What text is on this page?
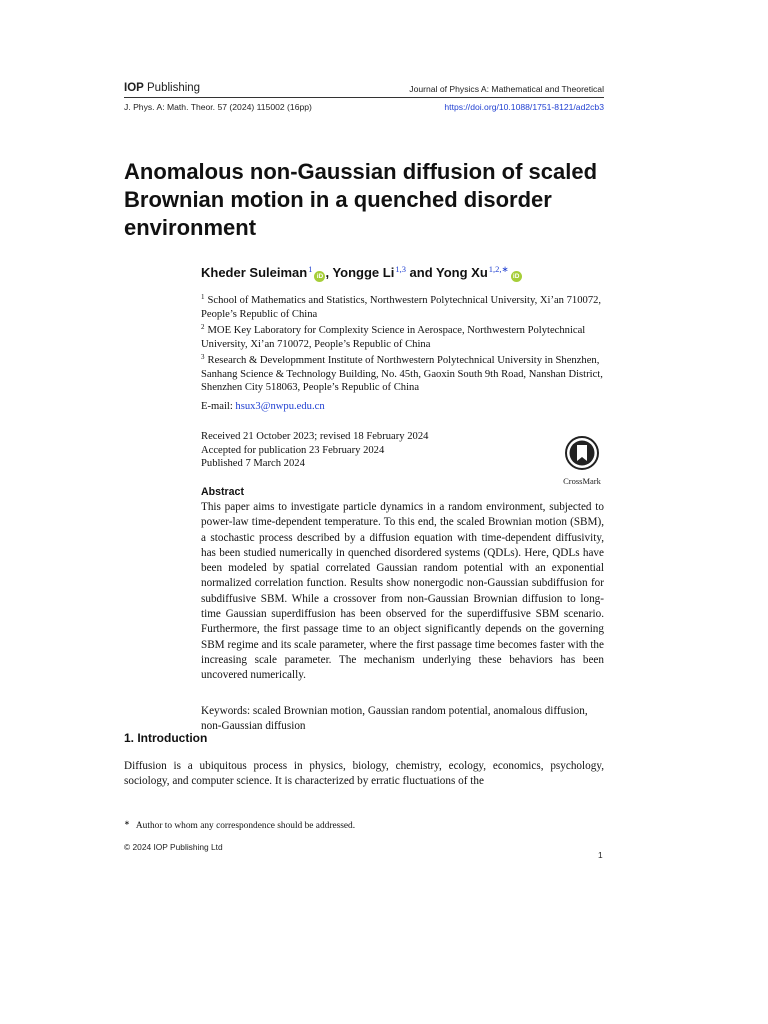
IOP Publishing	Journal of Physics A: Mathematical and Theoretical
J. Phys. A: Math. Theor. 57 (2024) 115002 (16pp)	https://doi.org/10.1088/1751-8121/ad2cb3
Anomalous non-Gaussian diffusion of scaled Brownian motion in a quenched disorder environment
Kheder Suleiman$^1$iD , Yongge Li$^{1,3}$ and Yong $Xu^{1,2,∗}iD$
$^1$ School of Mathematics and Statistics, Northwestern Polytechnical University, Xi’an 710072, People’s Republic of China
$^2$ MOE Key Laboratory for Complexity Science in Aerospace, Northwestern Polytechnical University, Xi’an 710072, People’s Republic of China
$^3$ Research & Developmment Institute of Northwestern Polytechnical University in Shenzhen, Sanhang Science & Technology Building, No. 45th, Gaoxin South 9th Road, Nanshan District, Shenzhen City 518063, People’s Republic of China
E-mail: hsux3@nwpu.edu.cn
Received 21 October 2023; revised 18 February 2024
Accepted for publication 23 February 2024
Published 7 March 2024
CrossMark
Abstract
This paper aims to investigate particle dynamics in a random environment, subjected to power-law time-dependent temperature. To this end, the scaled Brownian motion (SBM), a stochastic process described by a diffusion equation with time-dependent diffusivity, has been studied numerically in quenched disordered systems (QDLs). Here, QDLs have been modeled by spatial correlated Gaussian random potential with an exponential normalized correlation function. Results show nonergodic non-Gaussian subdiffusion for subdiffusive SBM. While a crossover from non-Gaussian Brownian diffusion to long-time Gaussian superdiffusion has been observed for the superdiffusive SBM scenario. Furthermore, the first passage time to an object significantly depends on the governing SBM regime and its scale parameter, where the first passage time becomes faster with the increasing scale parameter. The mechanism underlying these behaviors has been uncovered numerically.
Keywords: scaled Brownian motion, Gaussian random potential, anomalous diffusion, non-Gaussian diffusion
1. Introduction
Diffusion is a ubiquitous process in physics, biology, chemistry, ecology, economics, psychology, sociology, and computer science. It is characterized by erratic fluctuations of the
∗ Author to whom any correspondence should be addressed.
© 2024 IOP Publishing Ltd
1
